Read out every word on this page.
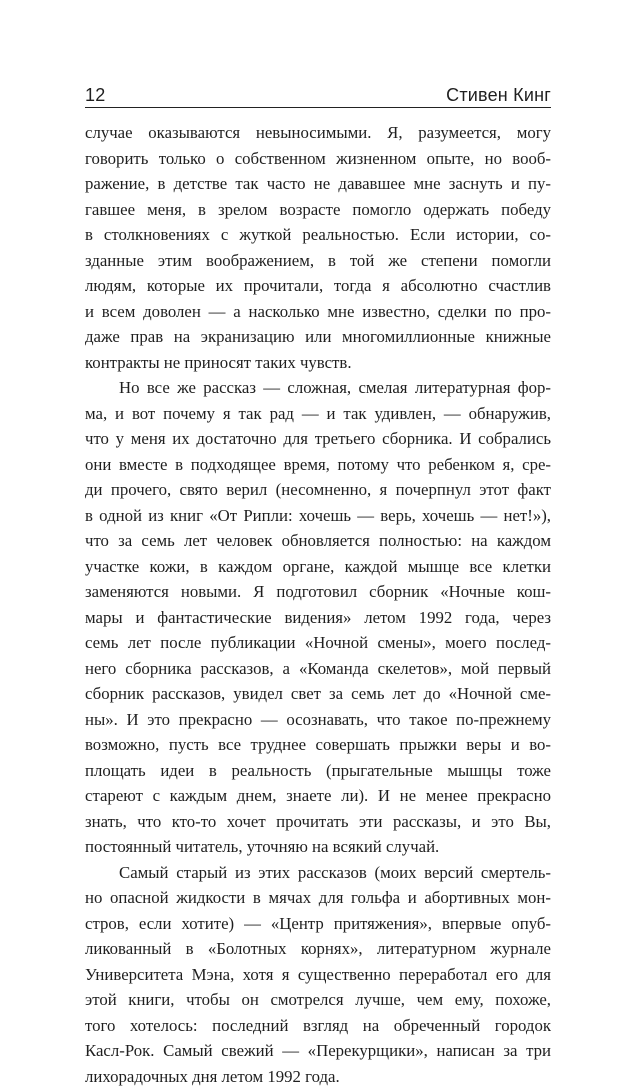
12	Стивен Кинг

случае оказываются невыносимыми. Я, разумеется, могу
говорить только о собственном жизненном опыте, но вооб-
ражение, в детстве так часто не дававшее мне заснуть и пу-
гавшее меня, в зрелом возрасте помогло одержать победу
в столкновениях с жуткой реальностью. Если истории, со-
зданные этим воображением, в той же степени помогли
людям, которые их прочитали, тогда я абсолютно счастлив
и всем доволен — а насколько мне известно, сделки по про-
даже прав на экранизацию или многомиллионные книжные
контракты не приносят таких чувств.

Но все же рассказ — сложная, смелая литературная фор-
ма, и вот почему я так рад — и так удивлен, — обнаружив,
что у меня их достаточно для третьего сборника. И собрались
они вместе в подходящее время, потому что ребенком я, сре-
ди прочего, свято верил (несомненно, я почерпнул этот факт
в одной из книг «От Рипли: хочешь — верь, хочешь — нет!»),
что за семь лет человек обновляется полностью: на каждом
участке кожи, в каждом органе, каждой мышце все клетки
заменяются новыми. Я подготовил сборник «Ночные кош-
мары и фантастические видения» летом 1992 года, через
семь лет после публикации «Ночной смены», моего послед-
него сборника рассказов, а «Команда скелетов», мой первый
сборник рассказов, увидел свет за семь лет до «Ночной сме-
ны». И это прекрасно — осознавать, что такое по-прежнему
возможно, пусть все труднее совершать прыжки веры и во-
площать идеи в реальность (прыгательные мышцы тоже
стареют с каждым днем, знаете ли). И не менее прекрасно
знать, что кто-то хочет прочитать эти рассказы, и это Вы,
постоянный читатель, уточняю на всякий случай.

Самый старый из этих рассказов (моих версий смертель-
но опасной жидкости в мячах для гольфа и абортивных мон-
стров, если хотите) — «Центр притяжения», впервые опуб-
ликованный в «Болотных корнях», литературном журнале
Университета Мэна, хотя я существенно переработал его для
этой книги, чтобы он смотрелся лучше, чем ему, похоже,
того хотелось: последний взгляд на обреченный городок
Касл-Рок. Самый свежий — «Перекурщики», написан за три
лихорадочных дня летом 1992 года.
